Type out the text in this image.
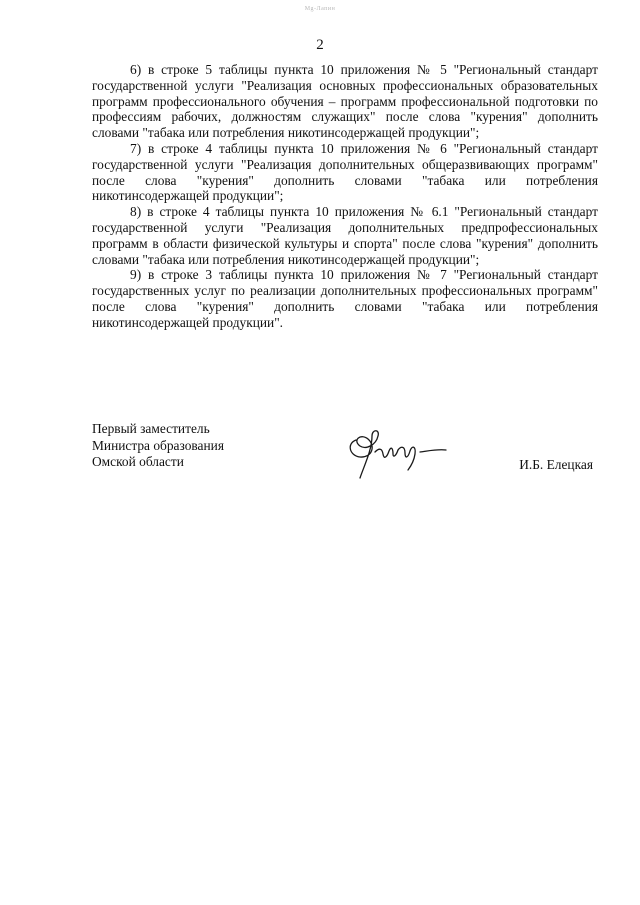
Mg-Лапин
2

6) в строке 5 таблицы пункта 10 приложения № 5 "Региональный стандарт государственной услуги "Реализация основных профессиональных образовательных программ профессионального обучения – программ профессиональной подготовки по профессиям рабочих, должностям служащих" после слова "курения" дополнить словами "табака или потребления никотинсодержащей продукции";

7) в строке 4 таблицы пункта 10 приложения № 6 "Региональный стандарт государственной услуги "Реализация дополнительных общеразвивающих программ" после слова "курения" дополнить словами "табака или потребления никотинсодержащей продукции";

8) в строке 4 таблицы пункта 10 приложения № 6.1 "Региональный стандарт государственной услуги "Реализация дополнительных предпрофессиональных программ в области физической культуры и спорта" после слова "курения" дополнить словами "табака или потребления никотинсодержащей продукции";

9) в строке 3 таблицы пункта 10 приложения № 7 "Региональный стандарт государственных услуг по реализации дополнительных профессиональных программ" после слова "курения" дополнить словами "табака или потребления никотинсодержащей продукции".

Первый заместитель
Министра образования
Омской области	И.Б. Елецкая
